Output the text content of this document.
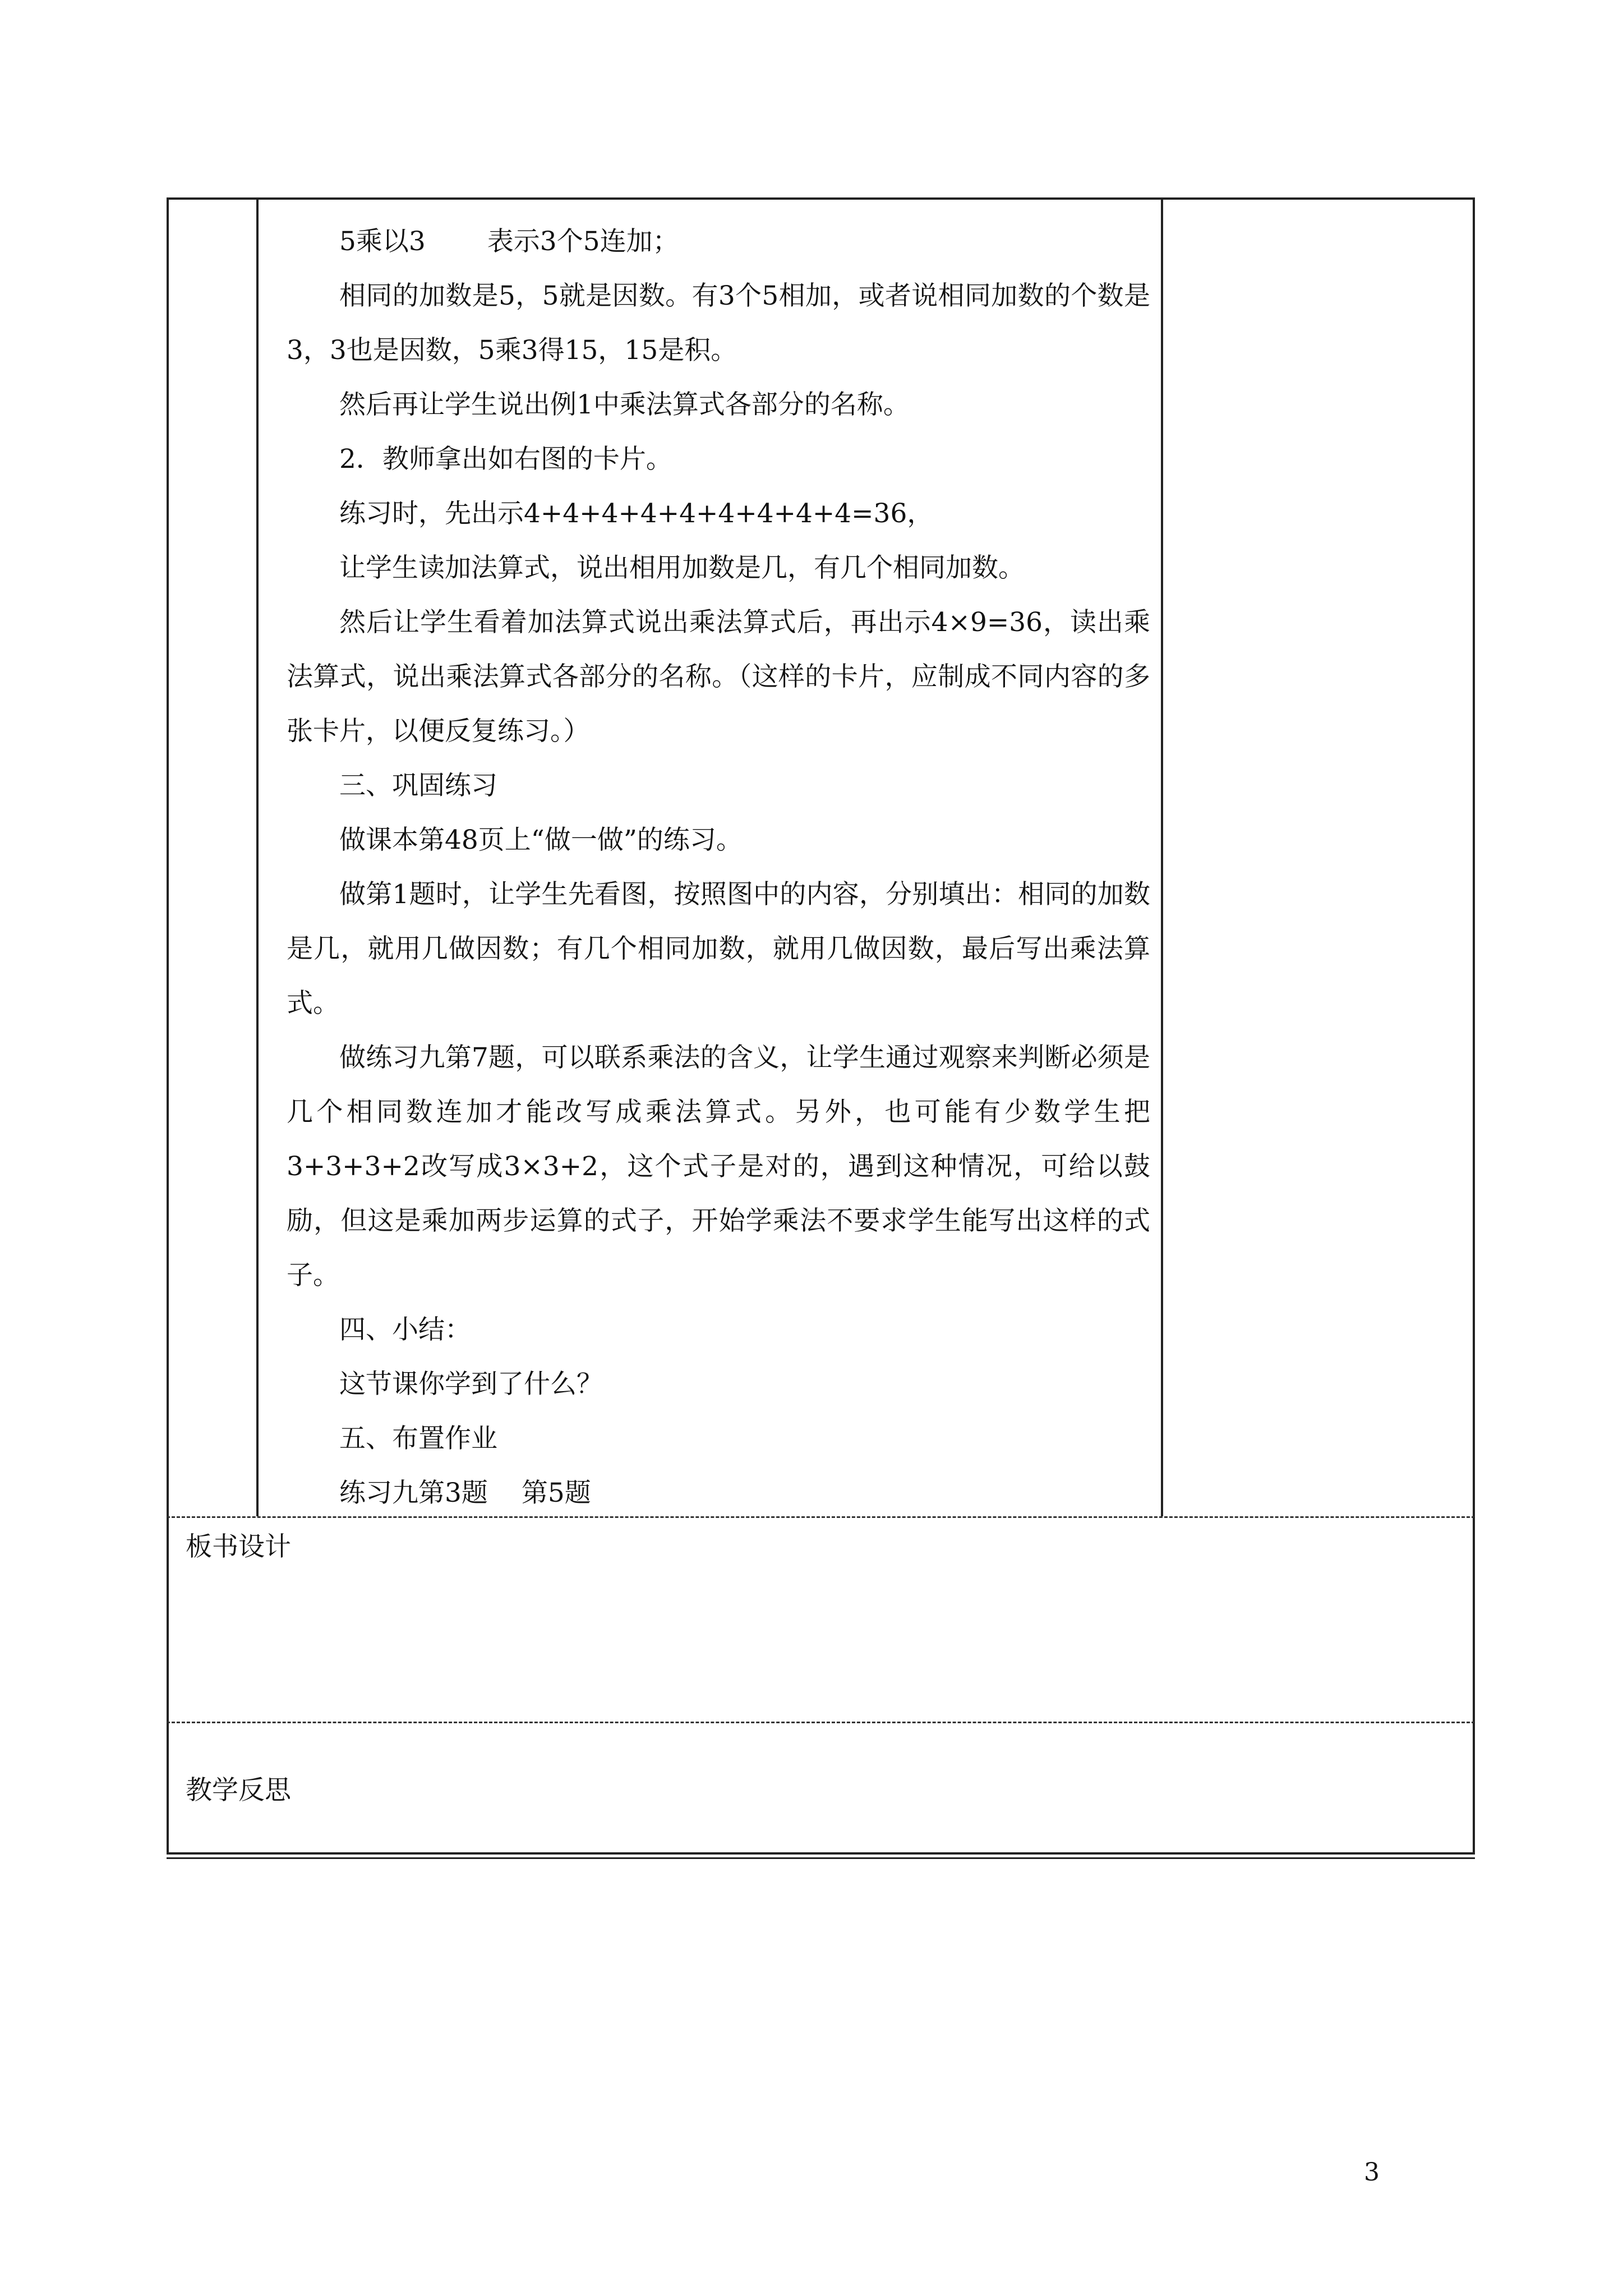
5乘以3 表示3个5连加；

相同的加数是5，5就是因数。有3个5相加，或者说相同加数的个数是3，3也是因数，5乘3得15，15是积。

然后再让学生说出例1中乘法算式各部分的名称。

2．教师拿出如右图的卡片。

练习时，先出示4+4+4+4+4+4+4+4+4=36，

让学生读加法算式，说出相用加数是几，有几个相同加数。

然后让学生看着加法算式说出乘法算式后，再出示4×9=36，读出乘法算式，说出乘法算式各部分的名称。（这样的卡片，应制成不同内容的多张卡片，以便反复练习。）

三、巩固练习

做课本第48页上“做一做”的练习。

做第1题时，让学生先看图，按照图中的内容，分别填出：相同的加数是几，就用几做因数；有几个相同加数，就用几做因数，最后写出乘法算式。

做练习九第7题，可以联系乘法的含义，让学生通过观察来判断必须是几个相同数连加才能改写成乘法算式。另外，也可能有少数学生把3+3+3+2改写成3×3+2，这个式子是对的，遇到这种情况，可给以鼓励，但这是乘加两步运算的式子，开始学乘法不要求学生能写出这样的式子。

四、小结：

这节课你学到了什么？

五、布置作业

练习九第3题 第5题

板书设计
教学反思
3
